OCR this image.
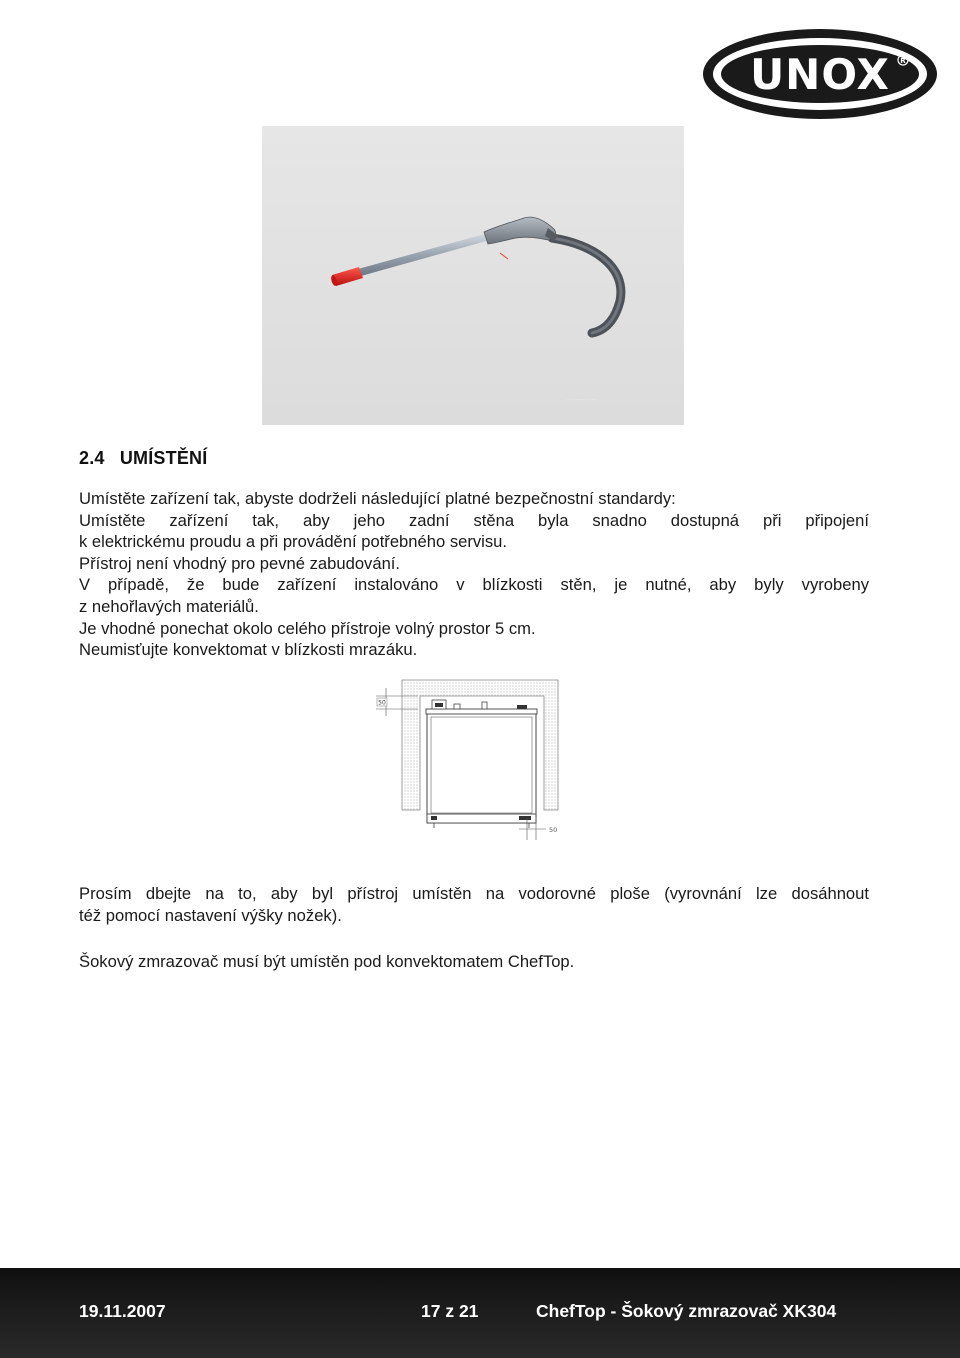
UNOX R
·····················
2.4 UMÍSTĚNÍ
Umístěte zařízení tak, abyste dodrželi následující platné bezpečnostní standardy:
Umístěte zařízení tak, aby jeho zadní stěna byla snadno dostupná při připojení
k elektrickému proudu a při provádění potřebného servisu.
Přístroj není vhodný pro pevné zabudování.
V případě, že bude zařízení instalováno v blízkosti stěn, je nutné, aby byly vyrobeny
z nehořlavých materiálů.
Je vhodné ponechat okolo celého přístroje volný prostor 5 cm.
Neumisťujte konvektomat v blízkosti mrazáku.
50
50
Prosím dbejte na to, aby byl přístroj umístěn na vodorovné ploše (vyrovnání lze dosáhnout
též pomocí nastavení výšky nožek).
Šokový zmrazovač musí být umístěn pod konvektomatem ChefTop.
19.11.2007	17 z 21	ChefTop - Šokový zmrazovač XK304
